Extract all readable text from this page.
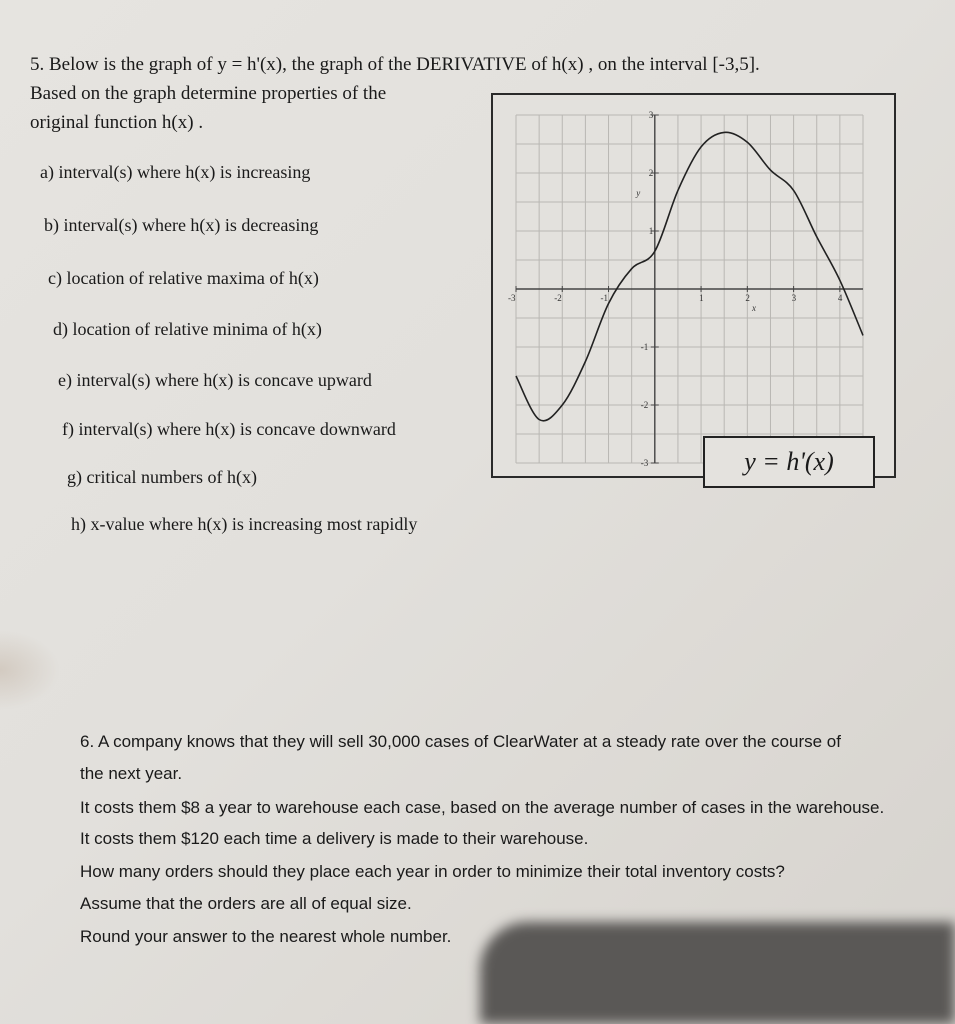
5. Below is the graph of y = h'(x), the graph of the DERIVATIVE of h(x) , on the interval [-3,5].
Based on the graph determine properties of the
original function h(x) .
a) interval(s) where h(x) is increasing
b) interval(s) where h(x) is decreasing
c) location of relative maxima of h(x)
d) location of relative minima of h(x)
e) interval(s) where h(x) is concave upward
f) interval(s) where h(x) is concave downward
g) critical numbers of h(x)
h) x-value where h(x) is increasing most rapidly
-3	-2	-1	1	2	3	4
3
2
1
-1
-2
-3
x
y
y = h'(x)
6. A company knows that they will sell 30,000 cases of ClearWater at a steady rate over the course of
the next year.
It costs them $8 a year to warehouse each case, based on the average number of cases in the warehouse.
It costs them $120 each time a delivery is made to their warehouse.
How many orders should they place each year in order to minimize their total inventory costs?
Assume that the orders are all of equal size.
Round your answer to the nearest whole number.
